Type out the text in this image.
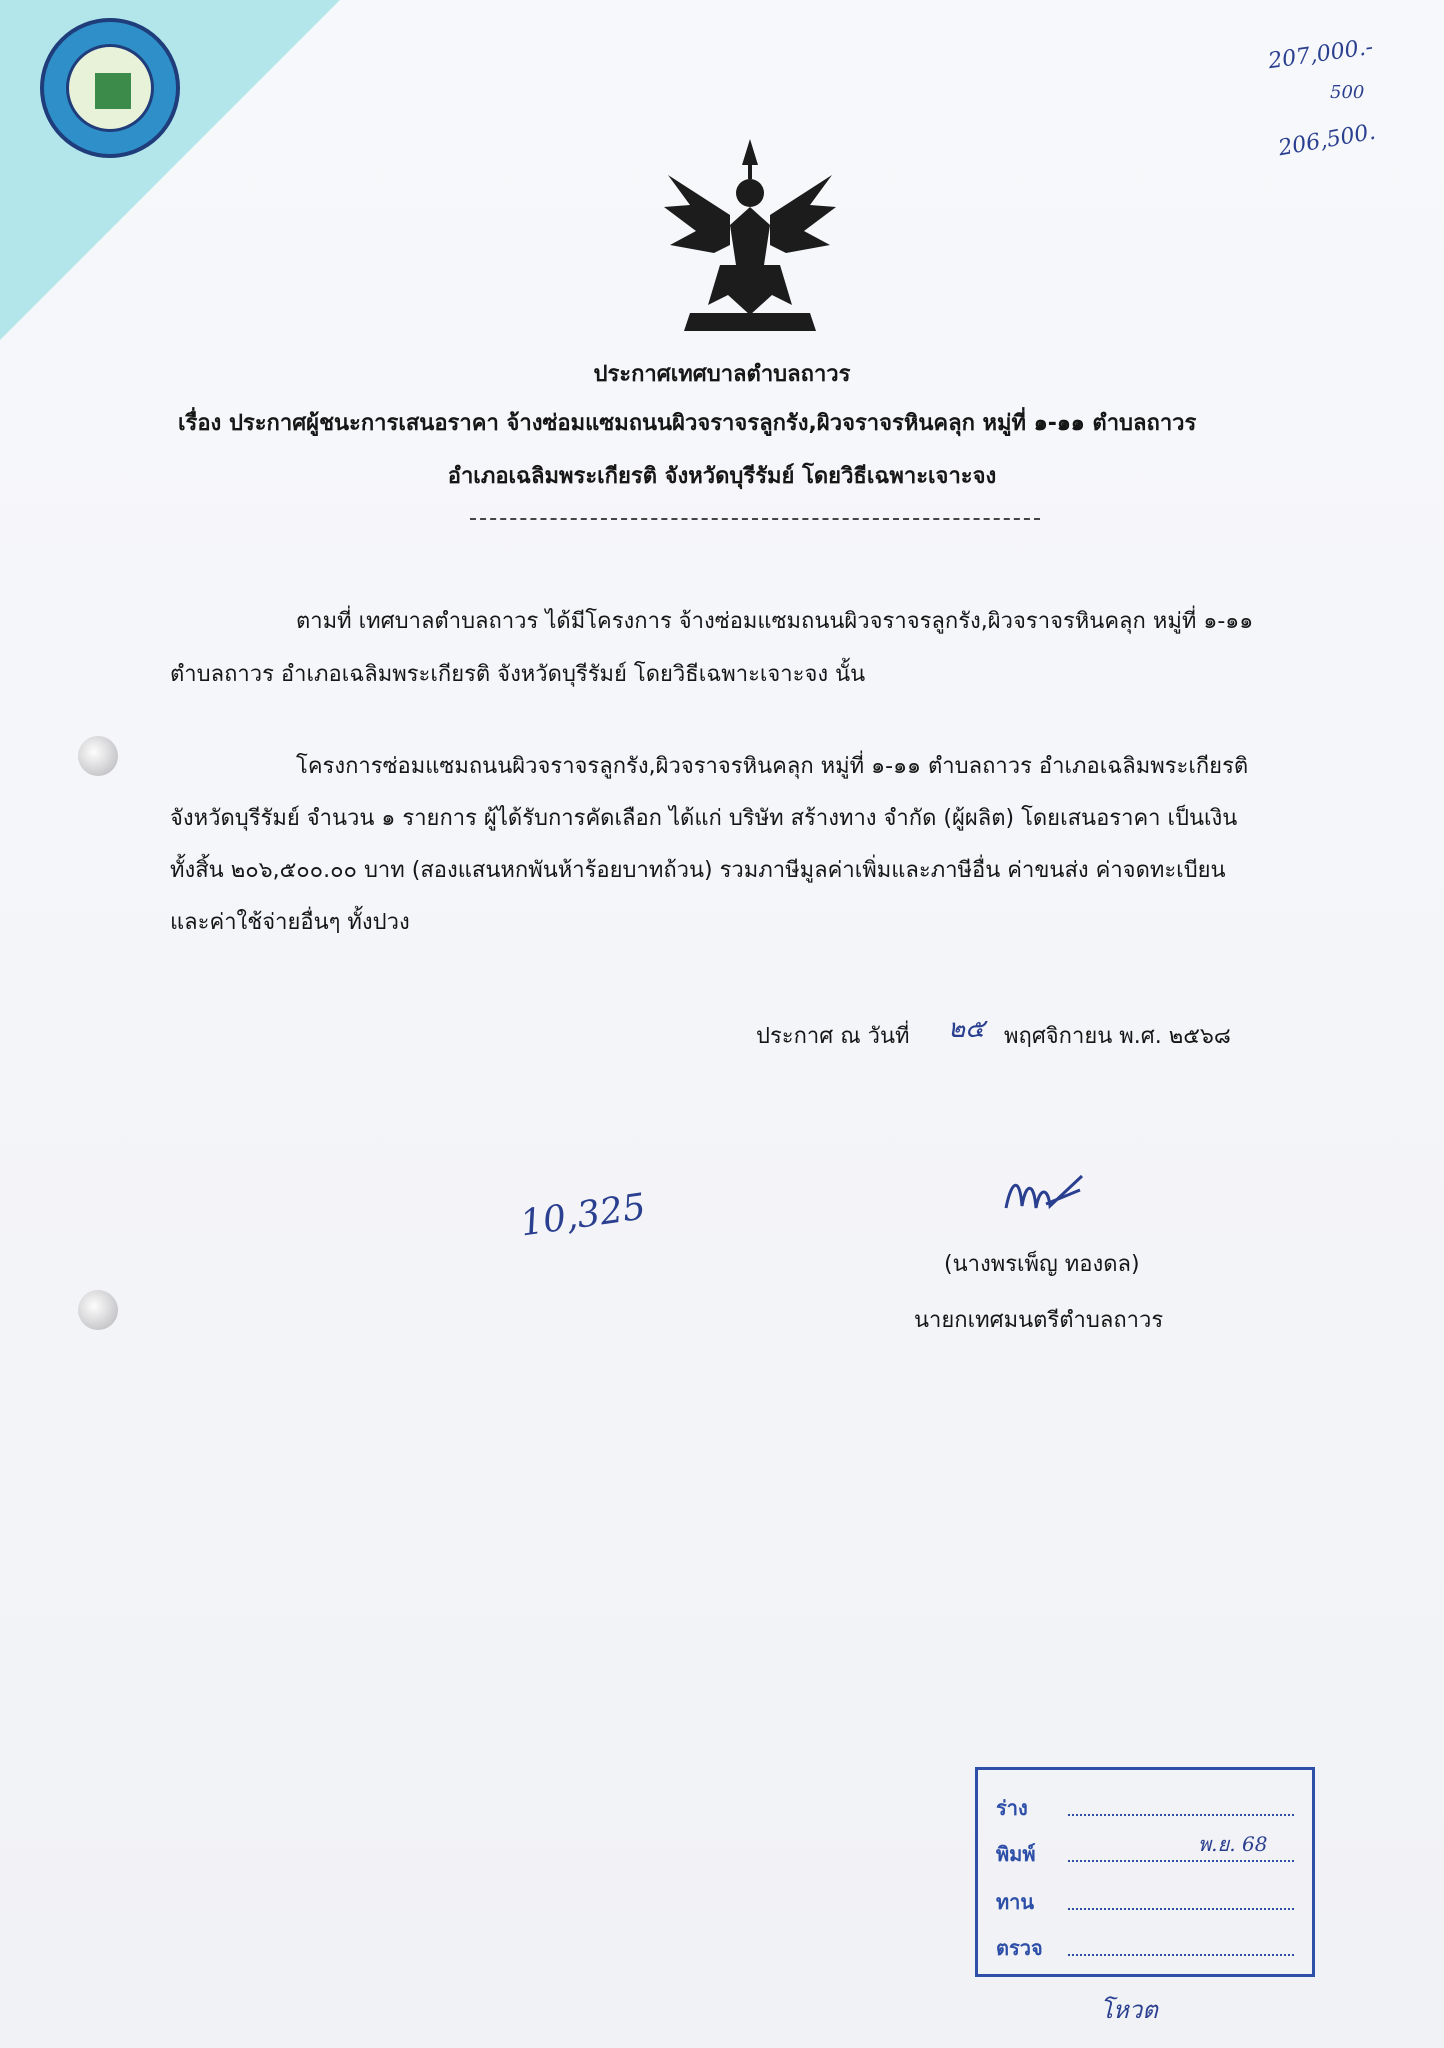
207,000.-
500
206,500.
ประกาศเทศบาลตำบลถาวร
เรื่อง ประกาศผู้ชนะการเสนอราคา จ้างซ่อมแซมถนนผิวจราจรลูกรัง,ผิวจราจรหินคลุก หมู่ที่ ๑-๑๑ ตำบลถาวร
อำเภอเฉลิมพระเกียรติ จังหวัดบุรีรัมย์ โดยวิธีเฉพาะเจาะจง
ตามที่ เทศบาลตำบลถาวร ได้มีโครงการ จ้างซ่อมแซมถนนผิวจราจรลูกรัง,ผิวจราจรหินคลุก หมู่ที่ ๑-๑๑
ตำบลถาวร อำเภอเฉลิมพระเกียรติ จังหวัดบุรีรัมย์ โดยวิธีเฉพาะเจาะจง นั้น
โครงการซ่อมแซมถนนผิวจราจรลูกรัง,ผิวจราจรหินคลุก หมู่ที่ ๑-๑๑ ตำบลถาวร อำเภอเฉลิมพระเกียรติ
จังหวัดบุรีรัมย์ จำนวน ๑ รายการ ผู้ได้รับการคัดเลือก ได้แก่ บริษัท สร้างทาง จำกัด (ผู้ผลิต) โดยเสนอราคา เป็นเงิน
ทั้งสิ้น ๒๐๖,๕๐๐.๐๐ บาท (สองแสนหกพันห้าร้อยบาทถ้วน) รวมภาษีมูลค่าเพิ่มและภาษีอื่น ค่าขนส่ง ค่าจดทะเบียน
และค่าใช้จ่ายอื่นๆ ทั้งปวง
ประกาศ ณ วันที่ ๒๕ พฤศจิกายน พ.ศ. ๒๕๖๘
10,325
(นางพรเพ็ญ ทองดล)
นายกเทศมนตรีตำบลถาวร
ร่าง
พิมพ์	พ.ย. 68
ทาน
ตรวจ
โหวต
